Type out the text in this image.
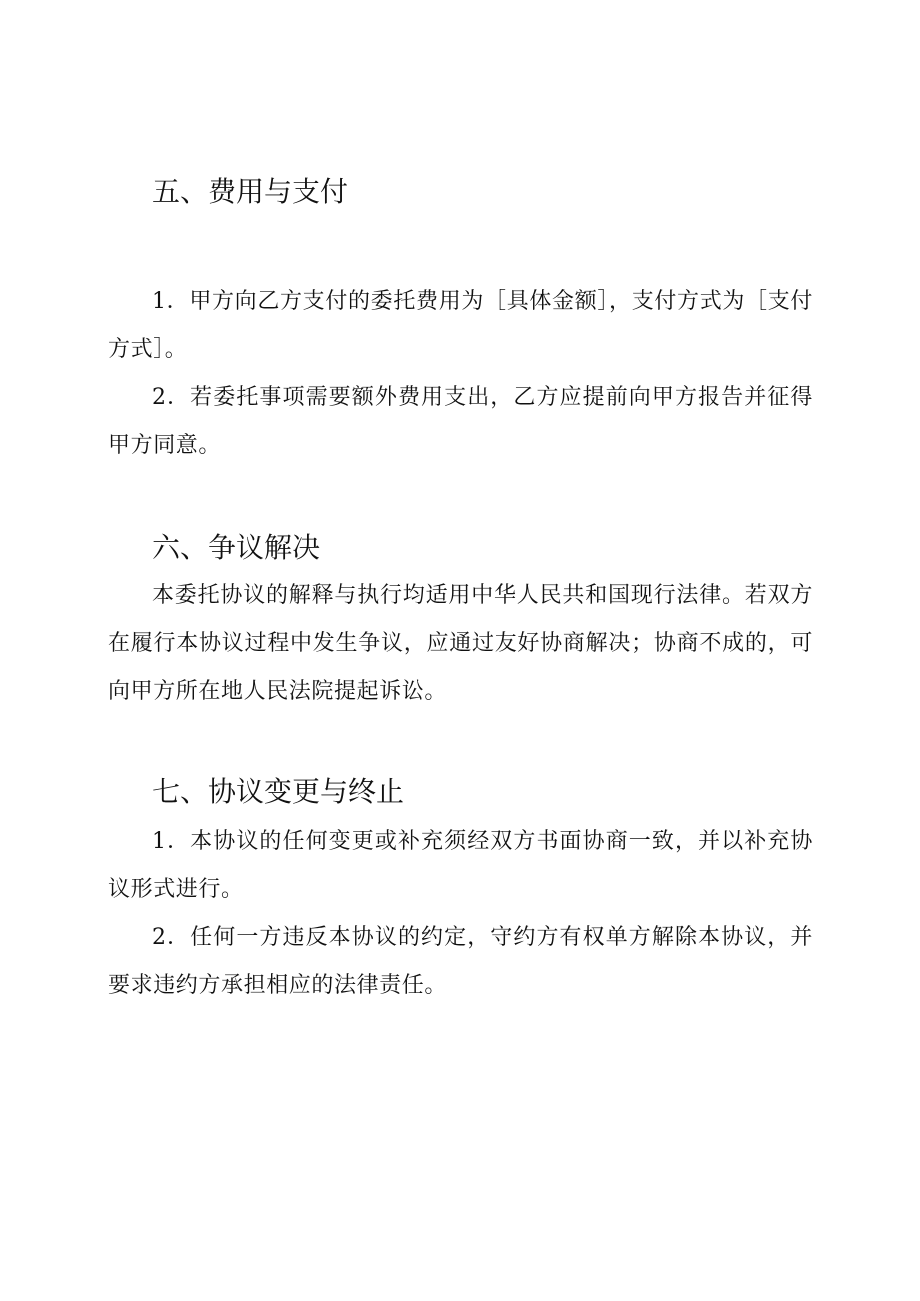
五、费用与支付

1．甲方向乙方支付的委托费用为［具体金额］，支付方式为［支付方式］。

2．若委托事项需要额外费用支出，乙方应提前向甲方报告并征得甲方同意。

六、争议解决

本委托协议的解释与执行均适用中华人民共和国现行法律。若双方在履行本协议过程中发生争议，应通过友好协商解决；协商不成的，可向甲方所在地人民法院提起诉讼。

七、协议变更与终止

1．本协议的任何变更或补充须经双方书面协商一致，并以补充协议形式进行。

2．任何一方违反本协议的约定，守约方有权单方解除本协议，并要求违约方承担相应的法律责任。
